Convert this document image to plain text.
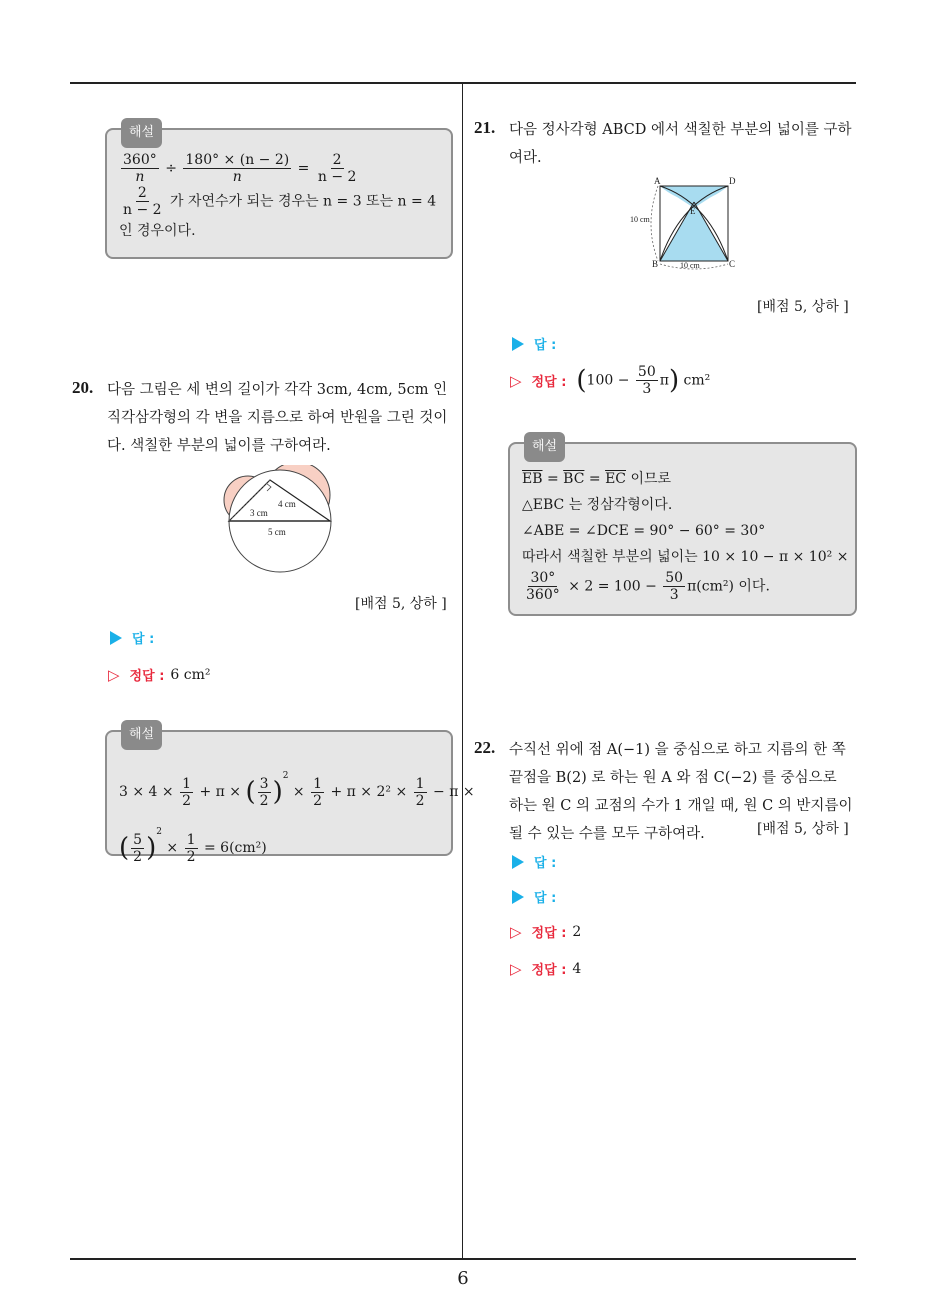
해설
$\frac{360^\circ}{n} \div \frac{180^\circ \times (n - 2)}{n} = \frac{2}{n - 2}$
$\frac{2}{n - 2}$ 가 자연수가 되는 경우는 n = 3 또는 n = 4
인 경우이다.
20. 다음 그림은 세 변의 길이가 각각 3cm, 4cm, 5cm 인 직각삼각형의 각 변을 지름으로 하여 반원을 그린 것이다. 색칠한 부분의 넓이를 구하여라.
3 cm
4 cm
5 cm
[배점 5, 상하 ]
답 :
▷ 정답 : 6 cm²
해설
$3 \times 4 \times \frac{1}{2} + \pi$ × ( $\frac{3}{2} )^2 \times \frac{1}{2} + \pi \times 2^2 \times \frac{1}{2} - \pi$ ×
( $\frac{5}{2} )^2 \times \frac{1}{2} = 6(cm^2)$
21. 다음 정사각형 ABCD 에서 색칠한 부분의 넓이를 구하여라.
A	D
B	C
E
10 cm
10 cm
[배점 5, 상하 ]
답 :
▷ 정답 : $(100 - \frac{50}{3} \pi)$ cm²
해설
$\overline{EB} = \overline{BC} = \overline{EC}$ 이므로
△EBC 는 정삼각형이다.
∠ABE = ∠DCE = 90° − 60° = 30°
따라서 색칠한 부분의 넓이는 10 × 10 − π × 10² ×
$\frac{30^\circ}{360^\circ} \times 2 = 100 - \frac{50}{3} \pi(cm^2)$ 이다.
22. 수직선 위에 점 A(−1) 을 중심으로 하고 지름의 한 쪽
끝점을 B(2) 로 하는 원 A 와 점 C(−2) 를 중심으로
하는 원 C 의 교점의 수가 1 개일 때, 원 C 의 반지름이
될 수 있는 수를 모두 구하여라.	[배점 5, 상하 ]
답 :
답 :
▷ 정답 : 2
▷ 정답 : 4
6
